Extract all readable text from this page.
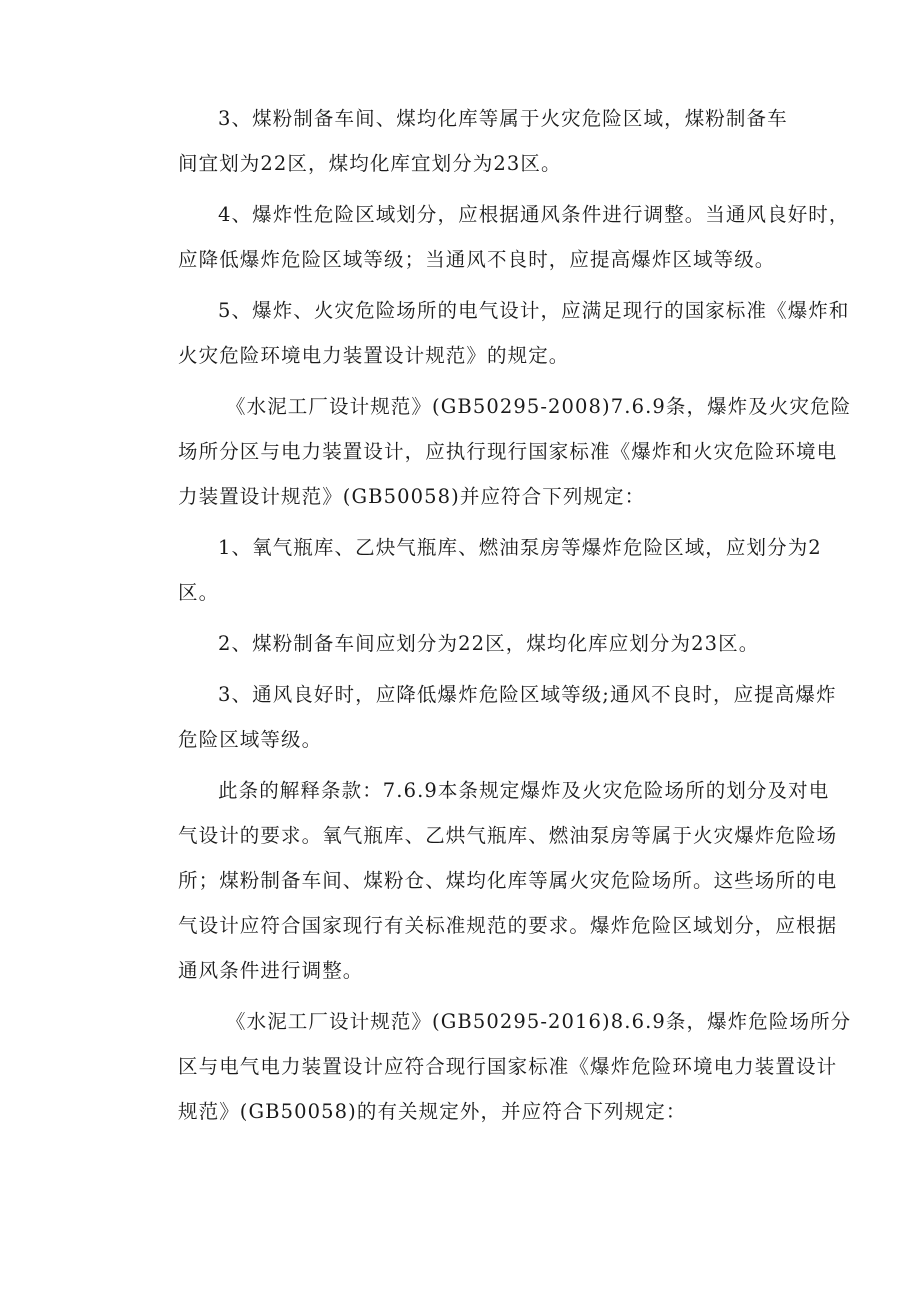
3、煤粉制备车间、煤均化库等属于火灾危险区域，煤粉制备车
间宜划为22区，煤均化库宜划分为23区。

4、爆炸性危险区域划分，应根据通风条件进行调整。当通风良好时，
应降低爆炸危险区域等级；当通风不良时，应提高爆炸区域等级。

5、爆炸、火灾危险场所的电气设计，应满足现行的国家标准《爆炸和
火灾危险环境电力装置设计规范》的规定。

《水泥工厂设计规范》(GB50295-2008)7.6.9条，爆炸及火灾危险
场所分区与电力装置设计，应执行现行国家标准《爆炸和火灾危险环境电
力装置设计规范》(GB50058)并应符合下列规定：

1、氧气瓶库、乙炔气瓶库、燃油泵房等爆炸危险区域，应划分为2
区。

2、煤粉制备车间应划分为22区，煤均化库应划分为23区。

3、通风良好时，应降低爆炸危险区域等级;通风不良时，应提高爆炸
危险区域等级。

此条的解释条款：7.6.9本条规定爆炸及火灾危险场所的划分及对电
气设计的要求。氧气瓶库、乙烘气瓶库、燃油泵房等属于火灾爆炸危险场
所；煤粉制备车间、煤粉仓、煤均化库等属火灾危险场所。这些场所的电
气设计应符合国家现行有关标准规范的要求。爆炸危险区域划分，应根据
通风条件进行调整。

《水泥工厂设计规范》(GB50295-2016)8.6.9条，爆炸危险场所分
区与电气电力装置设计应符合现行国家标准《爆炸危险环境电力装置设计
规范》(GB50058)的有关规定外，并应符合下列规定：
